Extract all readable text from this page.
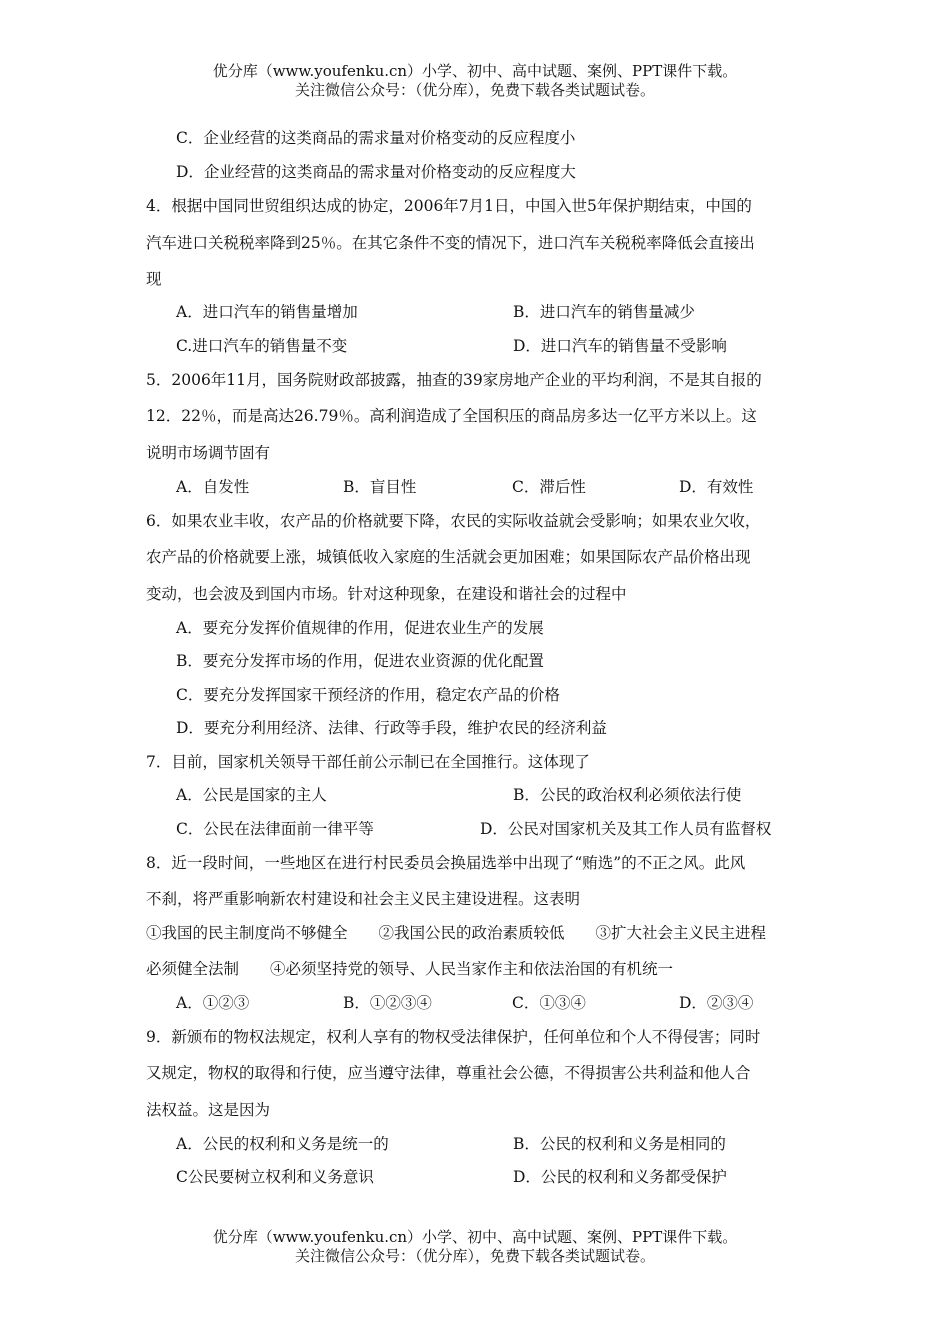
优分库（www.youfenku.cn）小学、初中、高中试题、案例、PPT课件下载。
关注微信公众号：（优分库），免费下载各类试题试卷。
C．企业经营的这类商品的需求量对价格变动的反应程度小
D．企业经营的这类商品的需求量对价格变动的反应程度大
4．根据中国同世贸组织达成的协定，2006年7月1日，中国入世5年保护期结束，中国的
汽车进口关税税率降到25％。在其它条件不变的情况下，进口汽车关税税率降低会直接出
现
A．进口汽车的销售量增加	B．进口汽车的销售量减少
C.进口汽车的销售量不变	D．进口汽车的销售量不受影响
5．2006年11月，国务院财政部披露，抽查的39家房地产企业的平均利润，不是其自报的
12．22％，而是高达26.79％。高利润造成了全国积压的商品房多达一亿平方米以上。这
说明市场调节固有
A．自发性	B．盲目性	C．滞后性	D．有效性
6．如果农业丰收，农产品的价格就要下降，农民的实际收益就会受影响；如果农业欠收，
农产品的价格就要上涨，城镇低收入家庭的生活就会更加困难；如果国际农产品价格出现
变动，也会波及到国内市场。针对这种现象，在建设和谐社会的过程中
A．要充分发挥价值规律的作用，促进农业生产的发展
B．要充分发挥市场的作用，促进农业资源的优化配置
C．要充分发挥国家干预经济的作用，稳定农产品的价格
D．要充分利用经济、法律、行政等手段，维护农民的经济利益
7．目前，国家机关领导干部任前公示制已在全国推行。这体现了
A．公民是国家的主人	B．公民的政治权利必须依法行使
C．公民在法律面前一律平等	D．公民对国家机关及其工作人员有监督权
8．近一段时间，一些地区在进行村民委员会换届选举中出现了“贿选”的不正之风。此风
不刹，将严重影响新农村建设和社会主义民主建设进程。这表明
①我国的民主制度尚不够健全　　②我国公民的政治素质较低　　③扩大社会主义民主进程
必须健全法制　　④必须坚持党的领导、人民当家作主和依法治国的有机统一
A．①②③	B．①②③④	C．①③④	D．②③④
9．新颁布的物权法规定，权利人享有的物权受法律保护，任何单位和个人不得侵害；同时
又规定，物权的取得和行使，应当遵守法律，尊重社会公德，不得损害公共利益和他人合
法权益。这是因为
A．公民的权利和义务是统一的	B．公民的权利和义务是相同的
C公民要树立权利和义务意识	D．公民的权利和义务都受保护
优分库（www.youfenku.cn）小学、初中、高中试题、案例、PPT课件下载。
关注微信公众号：（优分库），免费下载各类试题试卷。
